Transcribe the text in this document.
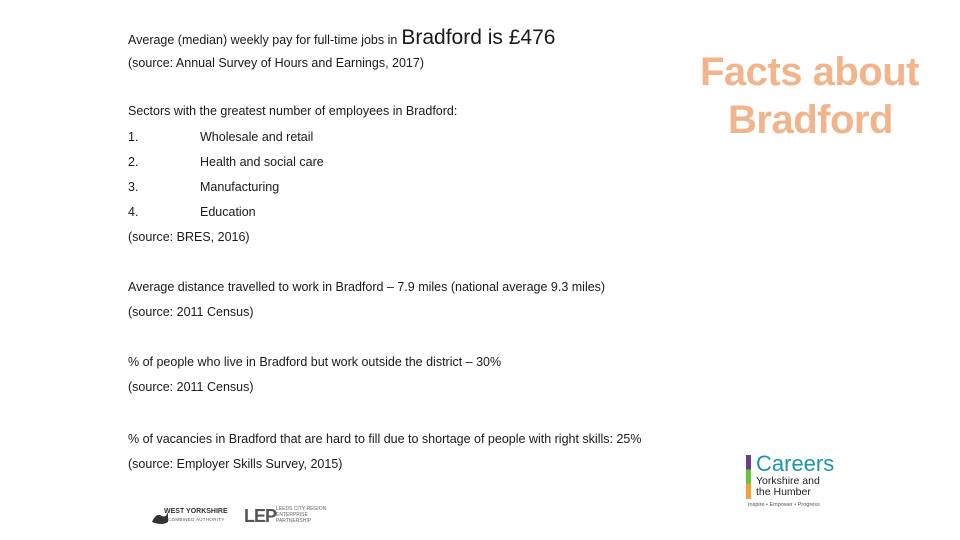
Average (median) weekly pay for full-time jobs in Bradford is £476
(source: Annual Survey of Hours and Earnings, 2017)	Facts about
Bradford
Sectors with the greatest number of employees in Bradford:
1.	Wholesale and retail
2.	Health and social care
3.	Manufacturing
4.	Education
(source: BRES, 2016)
Average distance travelled to work in Bradford – 7.9 miles (national average 9.3 miles)
(source: 2011 Census)
% of people who live in Bradford but work outside the district – 30%
(source: 2011 Census)
% of vacancies in Bradford that are hard to fill due to shortage of people with right skills: 25%
(source: Employer Skills Survey, 2015)	Careers
Yorkshire and
the Humber
Inspire • Empower • Progress
WEST YORKSHIRE
COMBINED AUTHORITY LEP LEEDS CITY REGION
ENTERPRISE
PARTNERSHIP
